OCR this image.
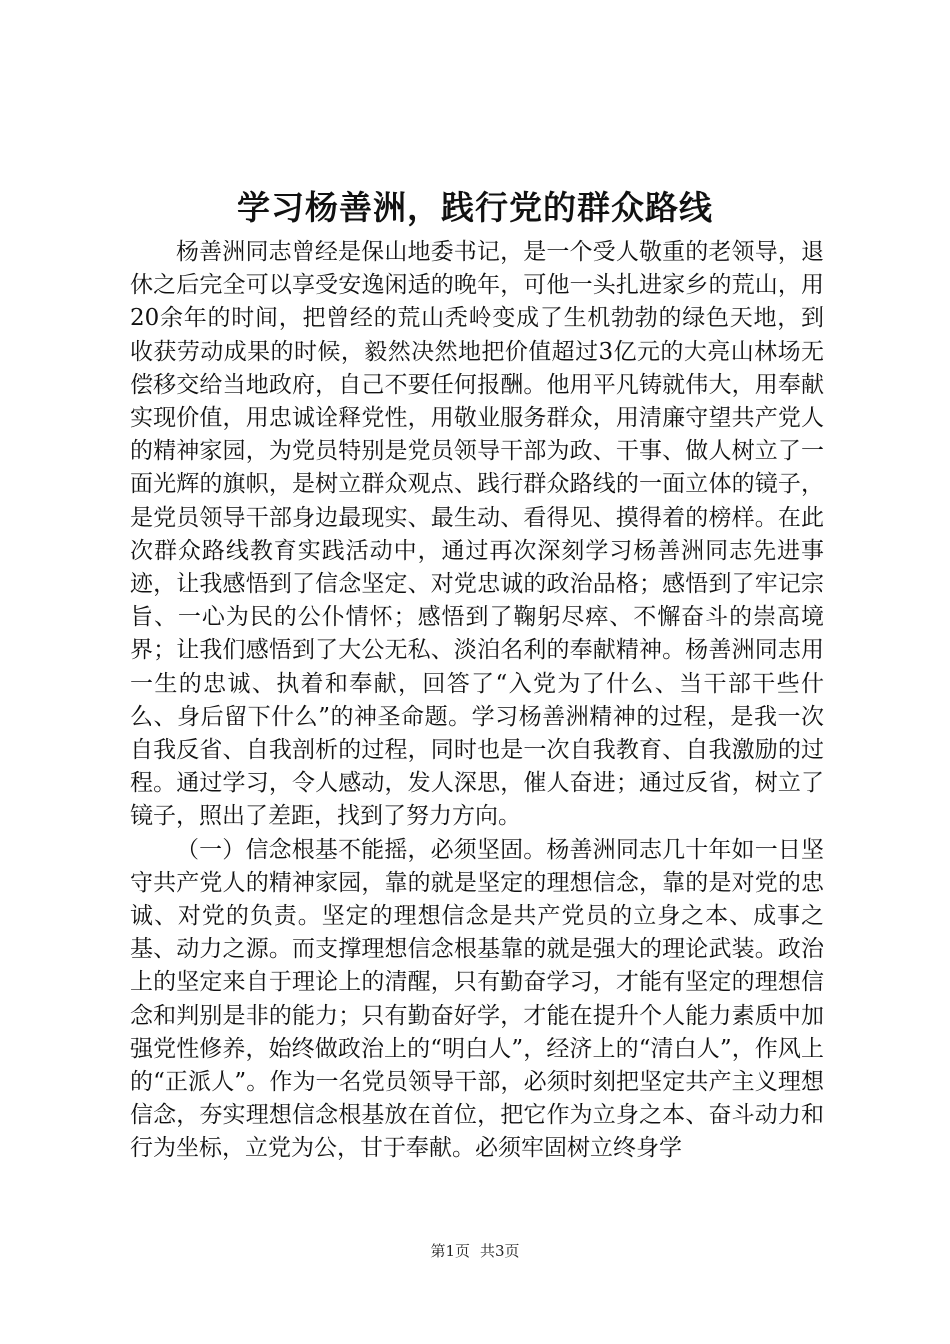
学习杨善洲，践行党的群众路线

杨善洲同志曾经是保山地委书记，是一个受人敬重的老领导，退休之后完全可以享受安逸闲适的晚年，可他一头扎进家乡的荒山，用20余年的时间，把曾经的荒山秃岭变成了生机勃勃的绿色天地，到收获劳动成果的时候，毅然决然地把价值超过3亿元的大亮山林场无偿移交给当地政府，自己不要任何报酬。他用平凡铸就伟大，用奉献实现价值，用忠诚诠释党性，用敬业服务群众，用清廉守望共产党人的精神家园，为党员特别是党员领导干部为政、干事、做人树立了一面光辉的旗帜，是树立群众观点、践行群众路线的一面立体的镜子，是党员领导干部身边最现实、最生动、看得见、摸得着的榜样。在此次群众路线教育实践活动中，通过再次深刻学习杨善洲同志先进事迹，让我感悟到了信念坚定、对党忠诚的政治品格；感悟到了牢记宗旨、一心为民的公仆情怀；感悟到了鞠躬尽瘁、不懈奋斗的崇高境界；让我们感悟到了大公无私、淡泊名利的奉献精神。杨善洲同志用一生的忠诚、执着和奉献，回答了“入党为了什么、当干部干些什么、身后留下什么”的神圣命题。学习杨善洲精神的过程，是我一次自我反省、自我剖析的过程，同时也是一次自我教育、自我激励的过程。通过学习，令人感动，发人深思，催人奋进；通过反省，树立了镜子，照出了差距，找到了努力方向。

（一）信念根基不能摇，必须坚固。杨善洲同志几十年如一日坚守共产党人的精神家园，靠的就是坚定的理想信念，靠的是对党的忠诚、对党的负责。坚定的理想信念是共产党员的立身之本、成事之基、动力之源。而支撑理想信念根基靠的就是强大的理论武装。政治上的坚定来自于理论上的清醒，只有勤奋学习，才能有坚定的理想信念和判别是非的能力；只有勤奋好学，才能在提升个人能力素质中加强党性修养，始终做政治上的“明白人”，经济上的“清白人”，作风上的“正派人”。作为一名党员领导干部，必须时刻把坚定共产主义理想信念，夯实理想信念根基放在首位，把它作为立身之本、奋斗动力和行为坐标，立党为公，甘于奉献。必须牢固树立终身学

第1页 共3页
